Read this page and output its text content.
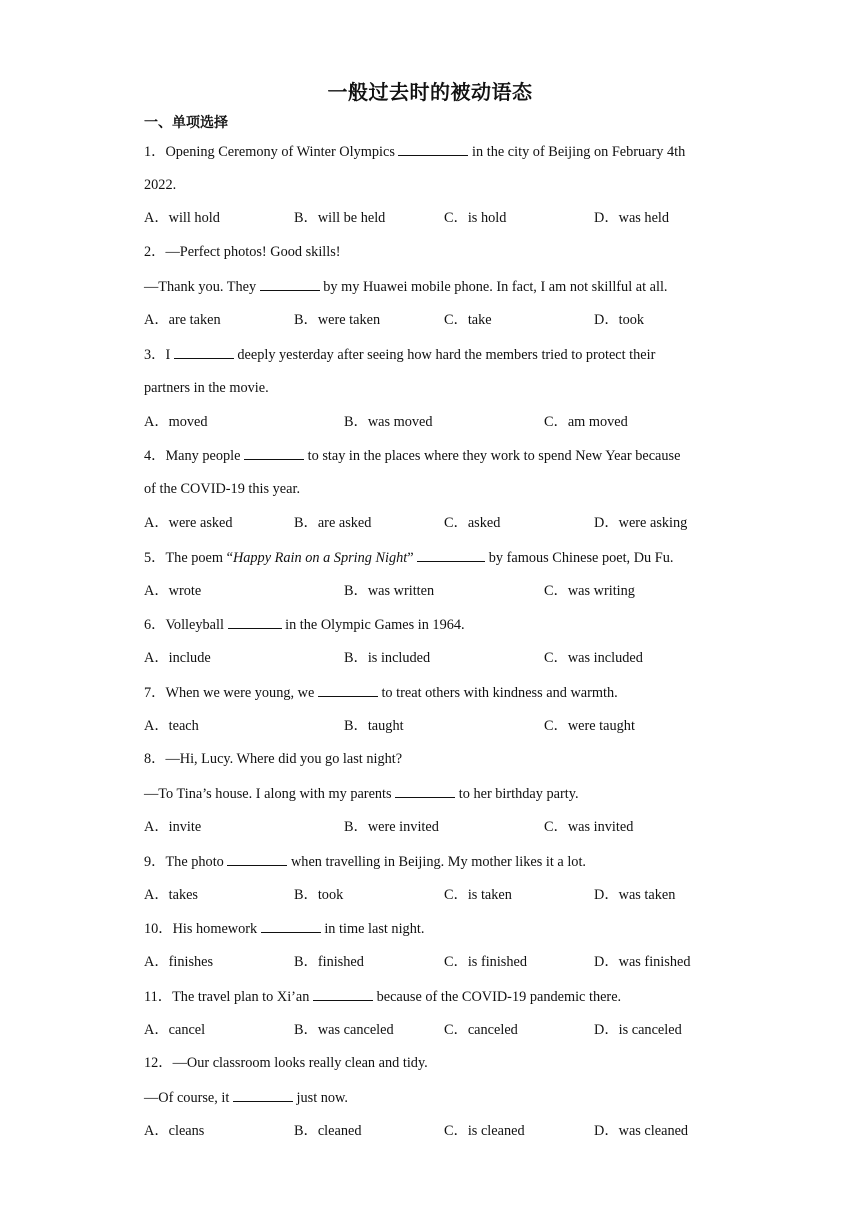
一般过去时的被动语态
一、单项选择
1．Opening Ceremony of Winter Olympics	in the city of Beijing on February 4th
2022.
A．will hold	B．will be held	C．is hold	D．was held
2．—Perfect photos! Good skills!
—Thank you. They	by my Huawei mobile phone. In fact, I am not skillful at all.
A．are taken	B．were taken	C．take	D．took
3．I	deeply yesterday after seeing how hard the members tried to protect their
partners in the movie.
A．moved	B．was moved	C．am moved
4．Many people	to stay in the places where they work to spend New Year because
of the COVID-19 this year.
A．were asked	B．are asked	C．asked	D．were asking
5．The poem “Happy Rain on a Spring Night”	by famous Chinese poet, Du Fu.
A．wrote	B．was written	C．was writing
6．Volleyball	in the Olympic Games in 1964.
A．include	B．is included	C．was included
7．When we were young, we	to treat others with kindness and warmth.
A．teach	B．taught	C．were taught
8．—Hi, Lucy. Where did you go last night?
—To Tina’s house. I along with my parents	to her birthday party.
A．invite	B．were invited	C．was invited
9．The photo	when travelling in Beijing. My mother likes it a lot.
A．takes	B．took	C．is taken	D．was taken
10．His homework	in time last night.
A．finishes	B．finished	C．is finished	D．was finished
11．The travel plan to Xi’an	because of the COVID-19 pandemic there.
A．cancel	B．was canceled	C．canceled	D．is canceled
12．—Our classroom looks really clean and tidy.
—Of course, it	just now.
A．cleans	B．cleaned	C．is cleaned	D．was cleaned
